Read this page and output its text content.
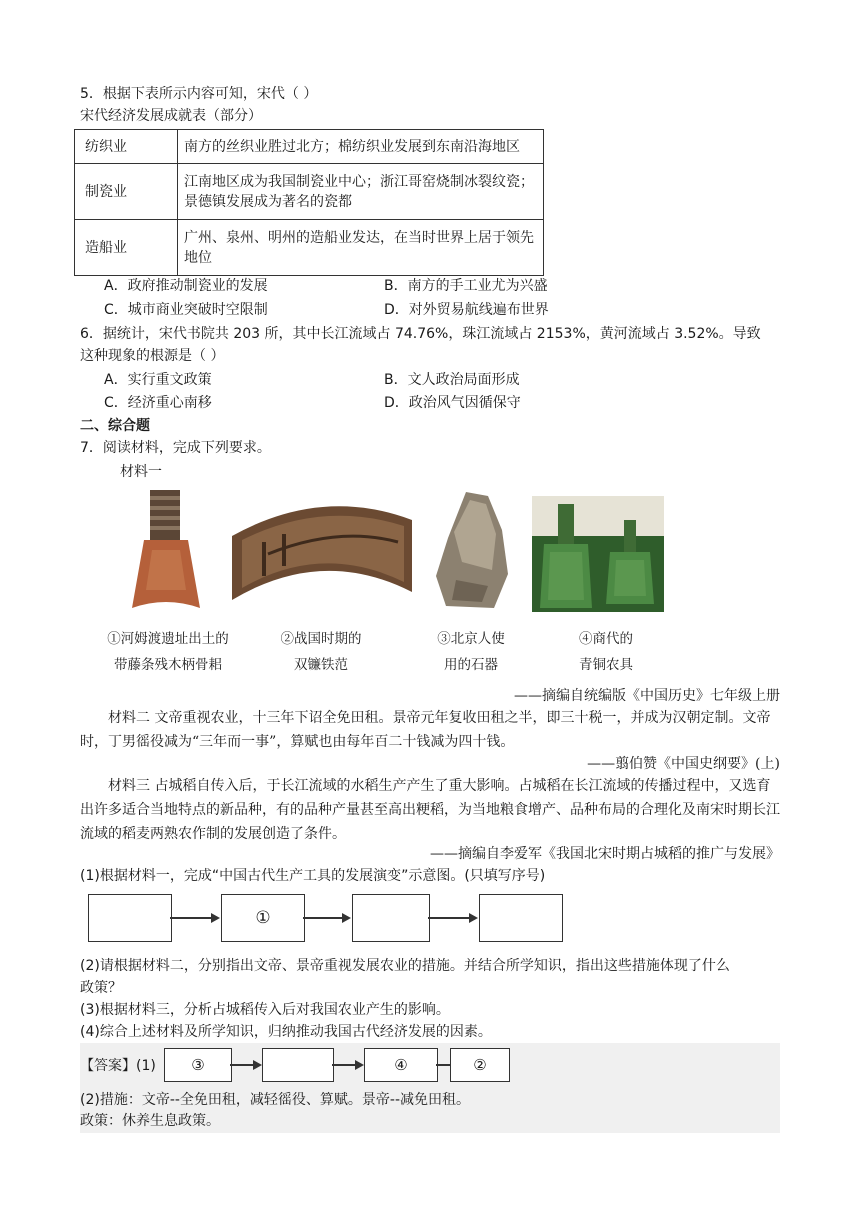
5．根据下表所示内容可知，宋代（ ）
宋代经济发展成就表（部分）
纺织业	南方的丝织业胜过北方；棉纺织业发展到东南沿海地区
制瓷业	江南地区成为我国制瓷业中心；浙江哥窑烧制冰裂纹瓷；景德镇发展成为著名的瓷都
造船业	广州、泉州、明州的造船业发达，在当时世界上居于领先地位
A．政府推动制瓷业的发展	B．南方的手工业尤为兴盛
C．城市商业突破时空限制	D．对外贸易航线遍布世界
6．据统计，宋代书院共 203 所，其中长江流域占 74.76%，珠江流域占 2153%，黄河流域占 3.52%。导致
这种现象的根源是（ ）
A．实行重文政策	B．文人政治局面形成
C．经济重心南移	D．政治风气因循保守
二、综合题
7．阅读材料，完成下列要求。
材料一
①河姆渡遗址出土的
带藤条残木柄骨耜
②战国时期的
双镰铁范
③北京人使
用的石器
④商代的
青铜农具
——摘编自统编版《中国历史》七年级上册
材料二 文帝重视农业，十三年下诏全免田租。景帝元年复收田租之半，即三十税一，并成为汉朝定制。文帝时，丁男徭役减为“三年而一事”，算赋也由每年百二十钱减为四十钱。
——翦伯赞《中国史纲要》(上)
材料三 占城稻自传入后，于长江流域的水稻生产产生了重大影响。占城稻在长江流域的传播过程中，又选育出许多适合当地特点的新品种，有的品种产量甚至高出粳稻，为当地粮食增产、品种布局的合理化及南宋时期长江流域的稻麦两熟农作制的发展创造了条件。
——摘编自李爱军《我国北宋时期占城稻的推广与发展》
(1)根据材料一，完成“中国古代生产工具的发展演变”示意图。(只填写序号)
①
(2)请根据材料二，分别指出文帝、景帝重视发展农业的措施。并结合所学知识，指出这些措施体现了什么
政策？
(3)根据材料三，分析占城稻传入后对我国农业产生的影响。
(4)综合上述材料及所学知识，归纳推动我国古代经济发展的因素。
【答案】(1)	③	④	②
(2)措施：文帝--全免田租，减轻徭役、算赋。景帝--减免田租。
政策：休养生息政策。
